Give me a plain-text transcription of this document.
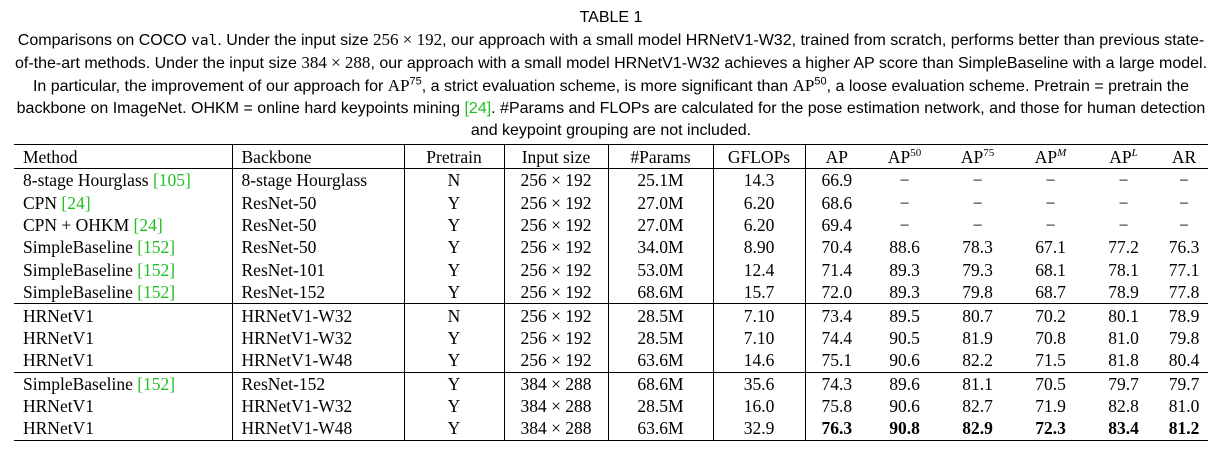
TABLE 1
Comparisons on COCO val. Under the input size 256 × 192, our approach with a small model HRNetV1-W32, trained from scratch, performs better than previous state-of-the-art methods. Under the input size 384 × 288, our approach with a small model HRNetV1-W32 achieves a higher AP score than SimpleBaseline with a large model. In particular, the improvement of our approach for AP$^{75}$, a strict evaluation scheme, is more significant than AP$^{50}$, a loose evaluation scheme. Pretrain = pretrain the backbone on ImageNet. OHKM = online hard keypoints mining [24]. #Params and FLOPs are calculated for the pose estimation network, and those for human detection and keypoint grouping are not included.
Method	Backbone	Pretrain	Input size	#Params	GFLOPs	AP	AP$^{50}$	AP$^{75}$	$AP^M$	$AP^L$	AR
8-stage Hourglass [105]	8-stage Hourglass	N	256 × 192	25.1M	14.3	66.9	−	−	−	−	−
CPN [24]	ResNet-50	Y	256 × 192	27.0M	6.20	68.6	−	−	−	−	−
CPN + OHKM [24]	ResNet-50	Y	256 × 192	27.0M	6.20	69.4	−	−	−	−	−
SimpleBaseline [152]	ResNet-50	Y	256 × 192	34.0M	8.90	70.4	88.6	78.3	67.1	77.2	76.3
SimpleBaseline [152]	ResNet-101	Y	256 × 192	53.0M	12.4	71.4	89.3	79.3	68.1	78.1	77.1
SimpleBaseline [152]	ResNet-152	Y	256 × 192	68.6M	15.7	72.0	89.3	79.8	68.7	78.9	77.8
HRNetV1	HRNetV1-W32	N	256 × 192	28.5M	7.10	73.4	89.5	80.7	70.2	80.1	78.9
HRNetV1	HRNetV1-W32	Y	256 × 192	28.5M	7.10	74.4	90.5	81.9	70.8	81.0	79.8
HRNetV1	HRNetV1-W48	Y	256 × 192	63.6M	14.6	75.1	90.6	82.2	71.5	81.8	80.4
SimpleBaseline [152]	ResNet-152	Y	384 × 288	68.6M	35.6	74.3	89.6	81.1	70.5	79.7	79.7
HRNetV1	HRNetV1-W32	Y	384 × 288	28.5M	16.0	75.8	90.6	82.7	71.9	82.8	81.0
HRNetV1	HRNetV1-W48	Y	384 × 288	63.6M	32.9	76.3	90.8	82.9	72.3	83.4	81.2
